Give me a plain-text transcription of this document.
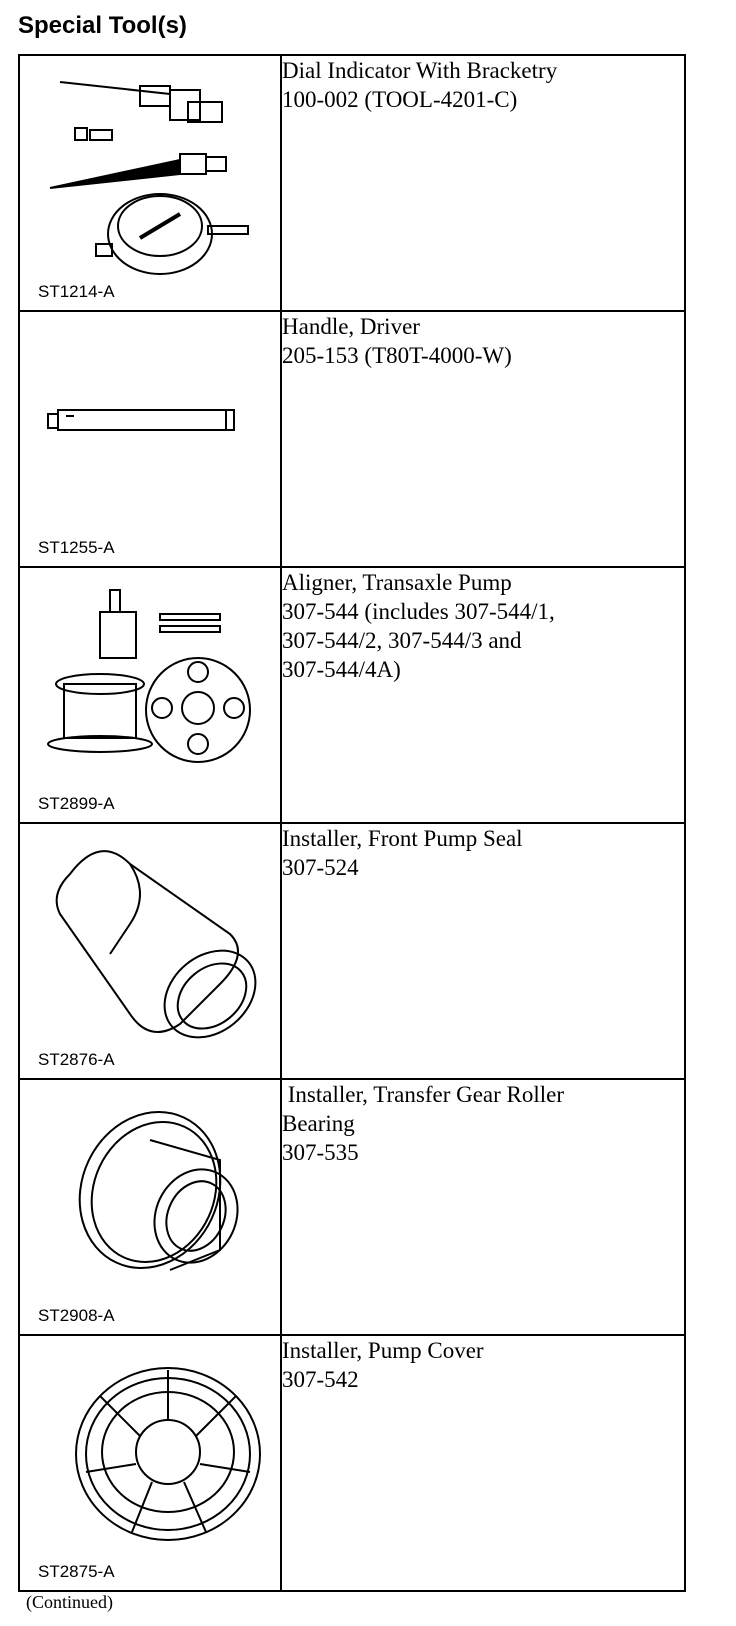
Special Tool(s)
ST1214-A	Dial Indicator With Bracketry
100-002 (TOOL-4201-C)

ST1255-A	Handle, Driver
205-153 (T80T-4000-W)

ST2899-A	Aligner, Transaxle Pump
307-544 (includes 307-544/1,
307-544/2, 307-544/3 and
307-544/4A)

ST2876-A	Installer, Front Pump Seal
307-524

ST2908-A	Installer, Transfer Gear Roller
Bearing
307-535

ST2875-A	Installer, Pump Cover
307-542
(Continued)
